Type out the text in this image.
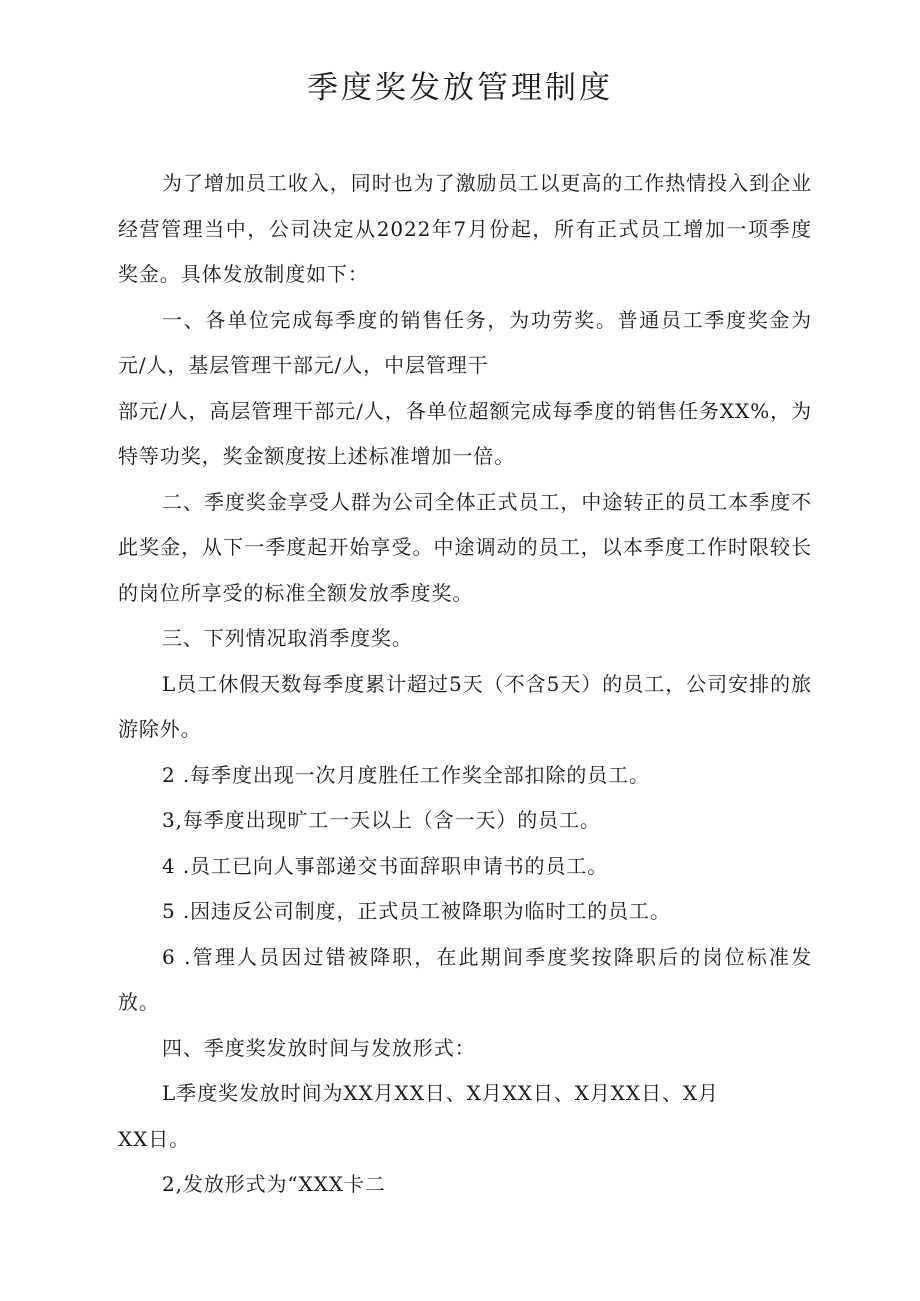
季度奖发放管理制度

为了增加员工收入，同时也为了激励员工以更高的工作热情投入到企业经营管理当中，公司决定从2022年7月份起，所有正式员工增加一项季度奖金。具体发放制度如下：

一、各单位完成每季度的销售任务，为功劳奖。普通员工季度奖金为元/人，基层管理干部元/人，中层管理干
部元/人，高层管理干部元/人，各单位超额完成每季度的销售任务XX%，为特等功奖，奖金额度按上述标准增加一倍。

二、季度奖金享受人群为公司全体正式员工，中途转正的员工本季度不此奖金，从下一季度起开始享受。中途调动的员工，以本季度工作时限较长的岗位所享受的标准全额发放季度奖。

三、下列情况取消季度奖。

L员工休假天数每季度累计超过5天（不含5天）的员工，公司安排的旅游除外。

2 .每季度出现一次月度胜任工作奖全部扣除的员工。

3,每季度出现旷工一天以上（含一天）的员工。

4 .员工已向人事部递交书面辞职申请书的员工。

5 .因违反公司制度，正式员工被降职为临时工的员工。

6 .管理人员因过错被降职，在此期间季度奖按降职后的岗位标准发放。

四、季度奖发放时间与发放形式：

L季度奖发放时间为XX月XX日、X月XX日、X月XX日、X月
XX日。

2,发放形式为“XXX卡二
